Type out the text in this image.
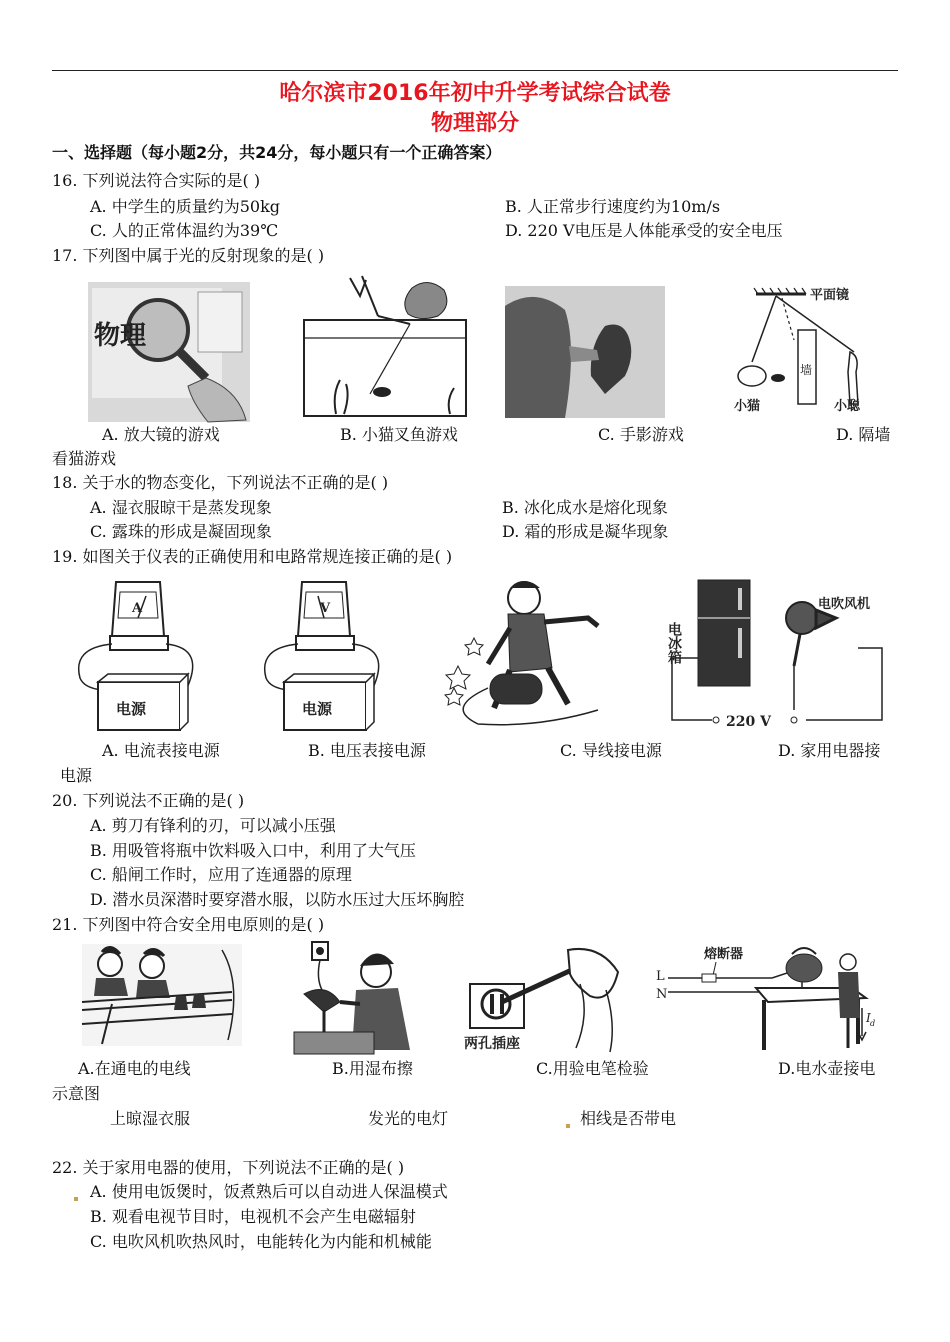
哈尔滨市2016年初中升学考试综合试卷
物理部分
一、选择题（每小题2分，共24分，每小题只有一个正确答案）
16. 下列说法符合实际的是( )
A. 中学生的质量约为50kg	B. 人正常步行速度约为10m/s
C. 人的正常体温约为39℃	D. 220 V电压是人体能承受的安全电压
17. 下列图中属于光的反射现象的是( )
物理
平面镜
墙
小猫	小聪
A. 放大镜的游戏	B. 小猫叉鱼游戏	C. 手影游戏	D. 隔墙
看猫游戏
18. 关于水的物态变化，下列说法不正确的是( )
A. 湿衣服晾干是蒸发现象	B. 冰化成水是熔化现象
C. 露珠的形成是凝固现象	D. 霜的形成是凝华现象
19. 如图关于仪表的正确使用和电路常规连接正确的是( )
A
电源
V
电源
电冰箱
电吹风机
220 V
A. 电流表接电源	B. 电压表接电源	C. 导线接电源	D. 家用电器接
电源
20. 下列说法不正确的是( )
A. 剪刀有锋利的刃，可以减小压强
B. 用吸管将瓶中饮料吸入口中，利用了大气压
C. 船闸工作时，应用了连通器的原理
D. 潜水员深潜时要穿潜水服，以防水压过大压坏胸腔
21. 下列图中符合安全用电原则的是( )
两孔插座
熔断器
L
N
I d
A.在通电的电线	B.用湿布擦	C.用验电笔检验	D.电水壶接电
示意图
上晾湿衣服	发光的电灯	相线是否带电
22. 关于家用电器的使用，下列说法不正确的是( )
A. 使用电饭煲时，饭煮熟后可以自动进人保温模式
B. 观看电视节目时，电视机不会产生电磁辐射
C. 电吹风机吹热风时，电能转化为内能和机械能
